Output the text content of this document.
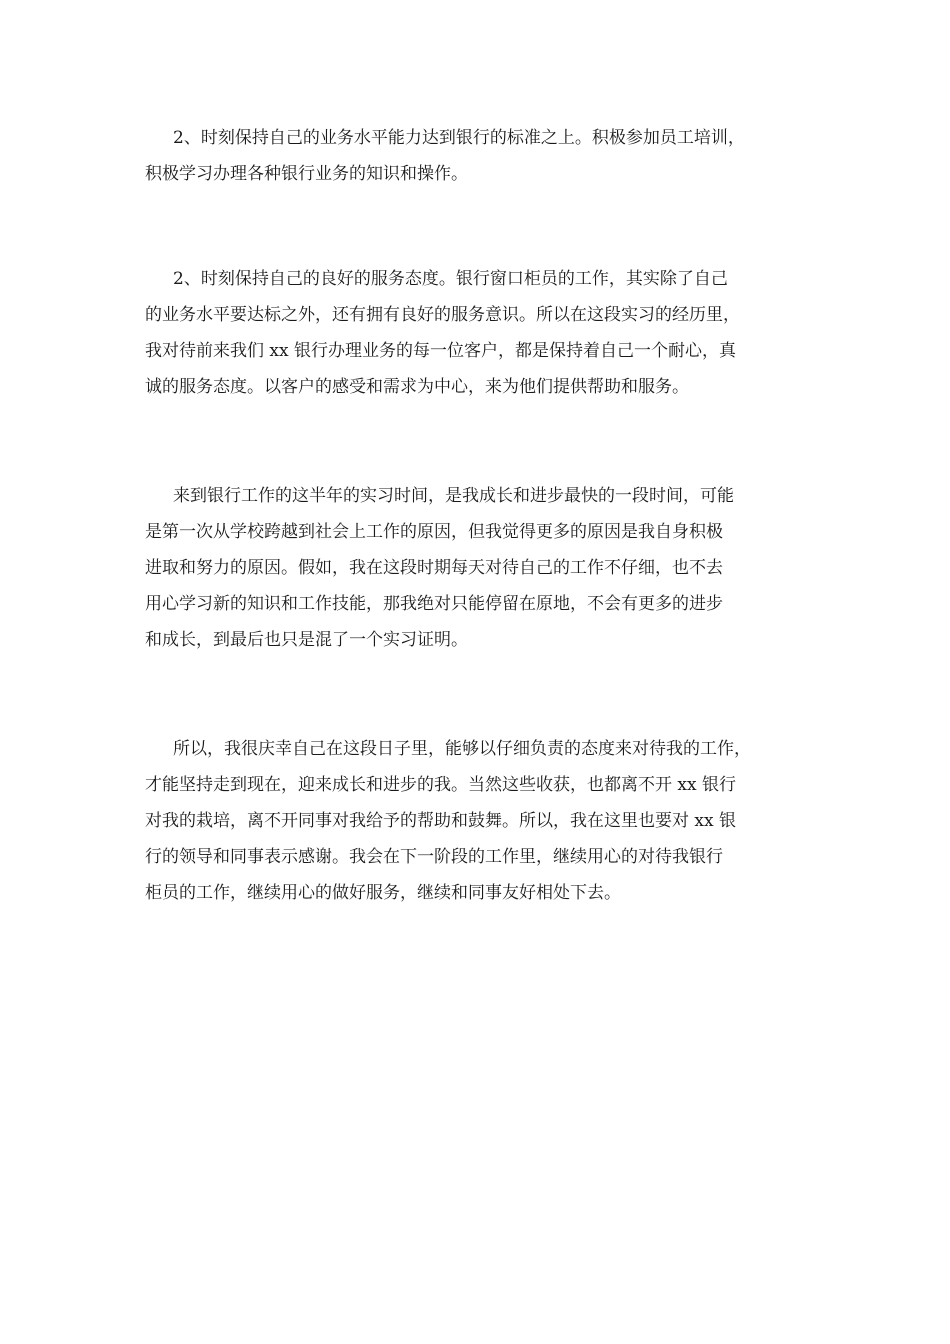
2、时刻保持自己的业务水平能力达到银行的标准之上。积极参加员工培训，
积极学习办理各种银行业务的知识和操作。
2、时刻保持自己的良好的服务态度。银行窗口柜员的工作，其实除了自己
的业务水平要达标之外，还有拥有良好的服务意识。所以在这段实习的经历里，
我对待前来我们 xx 银行办理业务的每一位客户，都是保持着自己一个耐心，真
诚的服务态度。以客户的感受和需求为中心，来为他们提供帮助和服务。
来到银行工作的这半年的实习时间，是我成长和进步最快的一段时间，可能
是第一次从学校跨越到社会上工作的原因，但我觉得更多的原因是我自身积极
进取和努力的原因。假如，我在这段时期每天对待自己的工作不仔细，也不去
用心学习新的知识和工作技能，那我绝对只能停留在原地，不会有更多的进步
和成长，到最后也只是混了一个实习证明。
所以，我很庆幸自己在这段日子里，能够以仔细负责的态度来对待我的工作，
才能坚持走到现在，迎来成长和进步的我。当然这些收获，也都离不开 xx 银行
对我的栽培，离不开同事对我给予的帮助和鼓舞。所以，我在这里也要对 xx 银
行的领导和同事表示感谢。我会在下一阶段的工作里，继续用心的对待我银行
柜员的工作，继续用心的做好服务，继续和同事友好相处下去。
